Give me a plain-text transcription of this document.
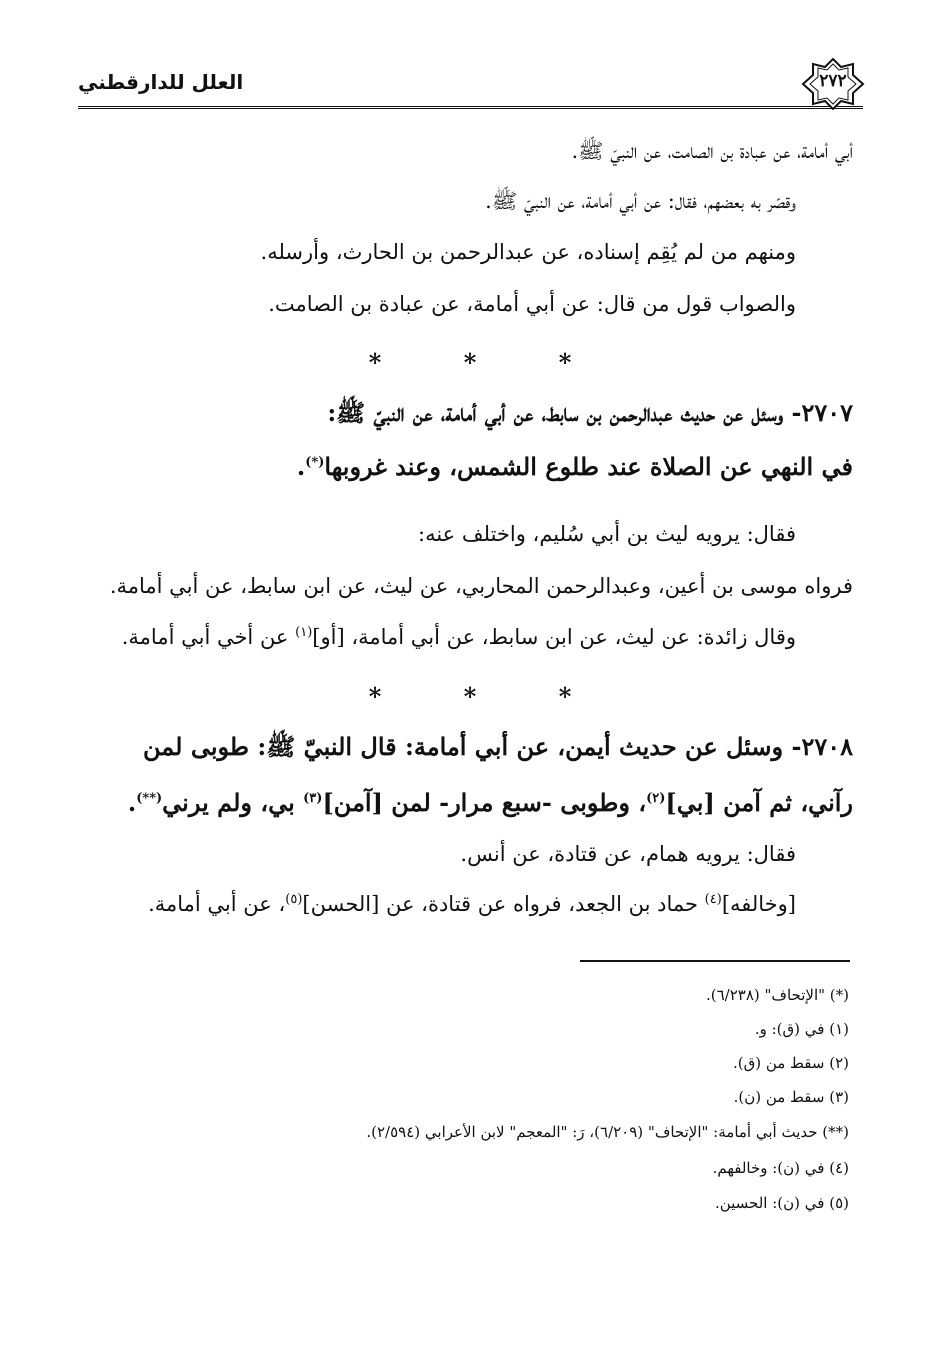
٢٧٢
العلل للدارقطني
أبي أمامة، عن عبادة بن الصامت، عن النبيّ ﷺ.
وقصّر به بعضهم، فقال: عن أبي أمامة، عن النبيّ ﷺ.
ومنهم من لم يُقِم إسناده، عن عبدالرحمن بن الحارث، وأرسله.
والصواب قول من قال: عن أبي أمامة، عن عبادة بن الصامت.
*	*	*
٢٧٠٧- وسئل عن حديث عبدالرحمن بن سابط، عن أبي أمامة، عن النبيّ ﷺ:
في النهي عن الصلاة عند طلوع الشمس، وعند غروبها(*).
فقال: يرويه ليث بن أبي سُليم، واختلف عنه:
فرواه موسى بن أعين، وعبدالرحمن المحاربي، عن ليث، عن ابن سابط، عن أبي أمامة.
وقال زائدة: عن ليث، عن ابن سابط، عن أبي أمامة، [أو]$^{(١)}$ عن أخي أبي أمامة.
*	*	*
٢٧٠٨- وسئل عن حديث أيمن، عن أبي أمامة: قال النبيّ ﷺ: طوبى لمن
رآني، ثم آمن [بي]$^{(٢)}$، وطوبى -سبع مرار- لمن [آمن]$^{(٣)}$ بي، ولم يرني(**).
فقال: يرويه همام، عن قتادة، عن أنس.
[وخالفه]$^{(٤)}$ حماد بن الجعد، فرواه عن قتادة، عن [الحسن]$^{(٥)}$، عن أبي أمامة.
(*) "الإتحاف" (٦/٢٣٨).
(١) في (ق): و.
(٢) سقط من (ق).
(٣) سقط من (ن).
(**) حديث أبي أمامة: "الإتحاف" (٦/٢٠٩)، رَ: "المعجم" لابن الأعرابي (٢/٥٩٤).
(٤) في (ن): وخالفهم.
(٥) في (ن): الحسين.
